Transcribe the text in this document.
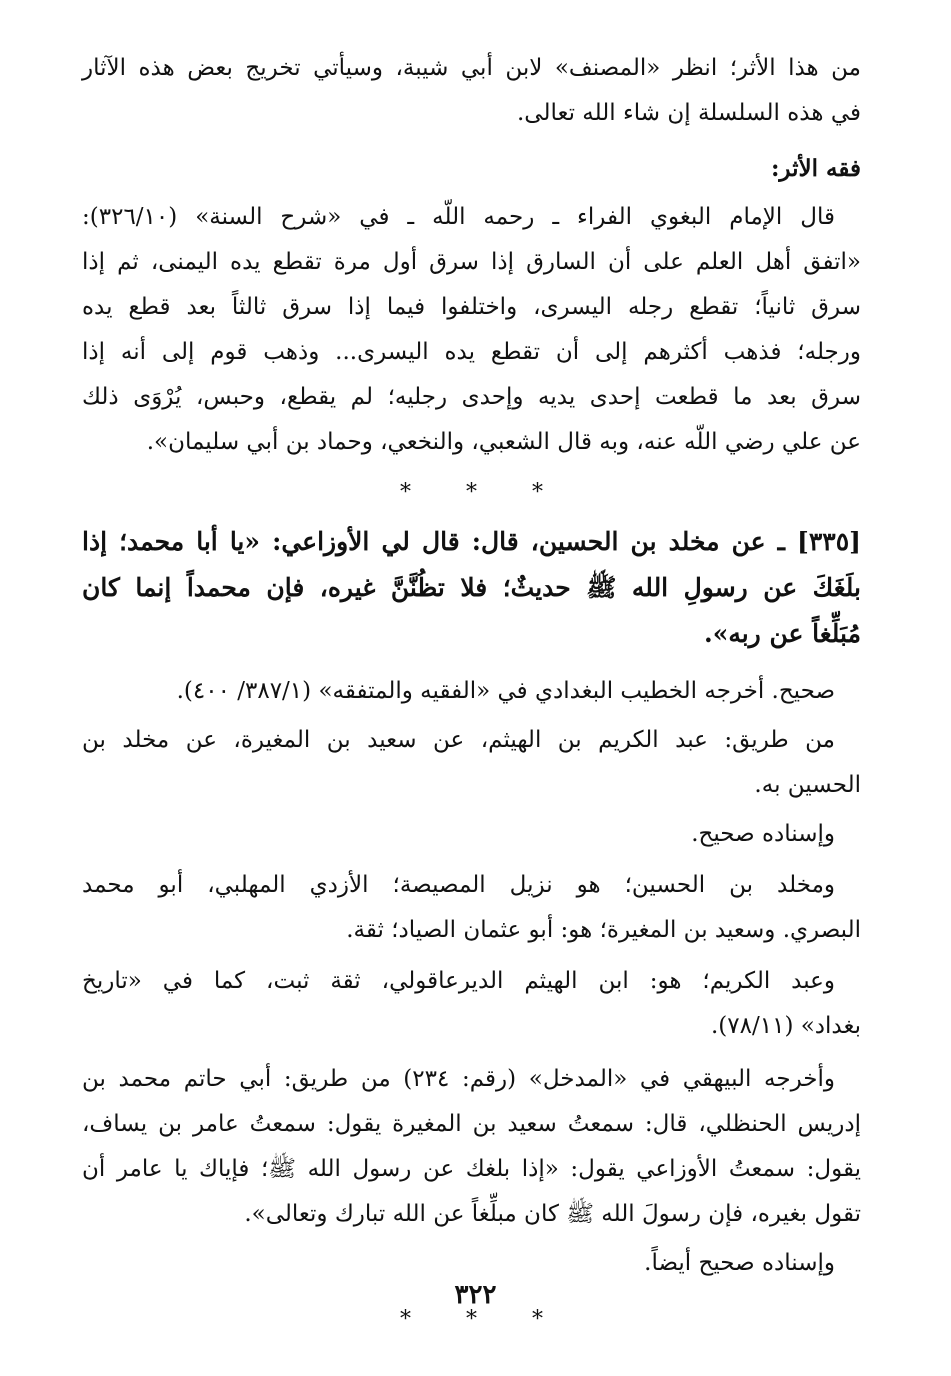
من هذا الأثر؛ انظر «المصنف» لابن أبي شيبة، وسيأتي تخريج بعض هذه الآثار
في هذه السلسلة إن شاء الله تعالى.
فقه الأثر:
قال الإمام البغوي الفراء ـ رحمه اللّه ـ في «شرح السنة» (٣٢٦/١٠):
«اتفق أهل العلم على أن السارق إذا سرق أول مرة تقطع يده اليمنى، ثم إذا
سرق ثانياً؛ تقطع رجله اليسرى، واختلفوا فيما إذا سرق ثالثاً بعد قطع يده
ورجله؛ فذهب أكثرهم إلى أن تقطع يده اليسرى... وذهب قوم إلى أنه إذا
سرق بعد ما قطعت إحدى يديه وإحدى رجليه؛ لم يقطع، وحبس، يُرْوَى ذلك
عن علي رضي اللّه عنه، وبه قال الشعبي، والنخعي، وحماد بن أبي سليمان».
* * *
[٣٣٥] ـ عن مخلد بن الحسين، قال: قال لي الأوزاعي: «يا أبا محمد؛ إذا
بلَغَكَ عن رسولِ الله ﷺ حديثٌ؛ فلا تظُنَّنَّ غيره، فإن محمداً إنما كان
مُبَلِّغاً عن ربه».
صحيح. أخرجه الخطيب البغدادي في «الفقيه والمتفقه» (٣٨٧/١/ ٤٠٠).
من طريق: عبد الكريم بن الهيثم، عن سعيد بن المغيرة، عن مخلد بن
الحسين به.
وإسناده صحيح.
ومخلد بن الحسين؛ هو نزيل المصيصة؛ الأزدي المهلبي، أبو محمد
البصري. وسعيد بن المغيرة؛ هو: أبو عثمان الصياد؛ ثقة.
وعبد الكريم؛ هو: ابن الهيثم الديرعاقولي، ثقة ثبت، كما في «تاريخ
بغداد» (٧٨/١١).
وأخرجه البيهقي في «المدخل» (رقم: ٢٣٤) من طريق: أبي حاتم محمد بن
إدريس الحنظلي، قال: سمعتُ سعيد بن المغيرة يقول: سمعتُ عامر بن يساف،
يقول: سمعتُ الأوزاعي يقول: «إذا بلغك عن رسول الله ﷺ؛ فإياك يا عامر أن
تقول بغيره، فإن رسولَ الله ﷺ كان مبلِّغاً عن الله تبارك وتعالى».
وإسناده صحيح أيضاً.
* * *
٣٢٢
